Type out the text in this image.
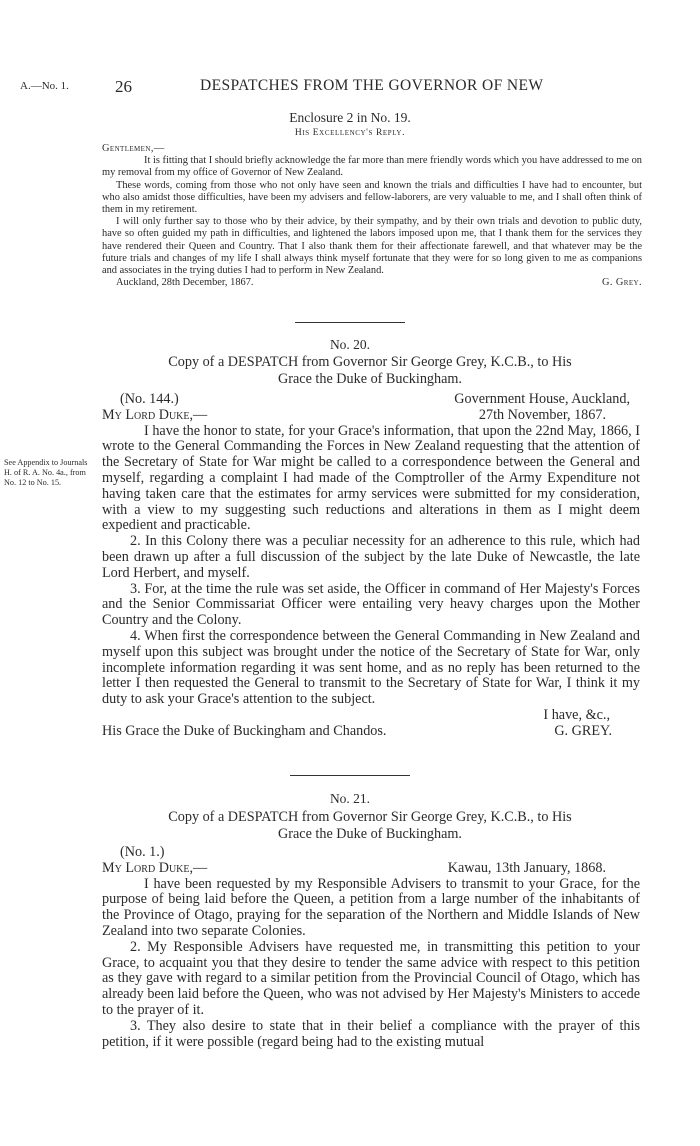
A.—No. 1.	26	DESPATCHES FROM THE GOVERNOR OF NEW
Enclosure 2 in No. 19.
His Excellency's Reply.

Gentlemen,—

It is fitting that I should briefly acknowledge the far more than mere friendly words which you have addressed to me on my removal from my office of Governor of New Zealand.

These words, coming from those who not only have seen and known the trials and difficulties I have had to encounter, but who also amidst those difficulties, have been my advisers and fellow-laborers, are very valuable to me, and I shall often think of them in my retirement.

I will only further say to those who by their advice, by their sympathy, and by their own trials and devotion to public duty, have so often guided my path in difficulties, and lightened the labors imposed upon me, that I thank them for the services they have rendered their Queen and Country. That I also thank them for their affectionate farewell, and that whatever may be the future trials and changes of my life I shall always think myself fortunate that they were for so long given to me as companions and associates in the trying duties I had to perform in New Zealand.

Auckland, 28th December, 1867.	G. Grey.
No. 20.
Copy of a DESPATCH from Governor Sir George Grey, K.C.B., to His
Grace the Duke of Buckingham.
(No. 144.)	Government House, Auckland,
My Lord Duke,—	27th November, 1867.

I have the honor to state, for your Grace's information, that upon the 22nd May, 1866, I wrote to the General Commanding the Forces in New Zealand requesting that the attention of the Secretary of State for War might be called to a correspondence between the General and myself, regarding a complaint I had made of the Comptroller of the Army Expenditure not having taken care that the estimates for army services were submitted for my consideration, with a view to my suggesting such reductions and alterations in them as I might deem expedient and practicable.

2. In this Colony there was a peculiar necessity for an adherence to this rule, which had been drawn up after a full discussion of the subject by the late Duke of Newcastle, the late Lord Herbert, and myself.

3. For, at the time the rule was set aside, the Officer in command of Her Majesty's Forces and the Senior Commissariat Officer were entailing very heavy charges upon the Mother Country and the Colony.

4. When first the correspondence between the General Commanding in New Zealand and myself upon this subject was brought under the notice of the Secretary of State for War, only incomplete information regarding it was sent home, and as no reply has been returned to the letter I then requested the General to transmit to the Secretary of State for War, I think it my duty to ask your Grace's attention to the subject.

I have, &c.,
His Grace the Duke of Buckingham and Chandos.	G. GREY.
See Appendix to Journals H. of R. A. No. 4a., from No. 12 to No. 15.
No. 21.
Copy of a DESPATCH from Governor Sir George Grey, K.C.B., to His
Grace the Duke of Buckingham.
(No. 1.)
My Lord Duke,—	Kawau, 13th January, 1868.

I have been requested by my Responsible Advisers to transmit to your Grace, for the purpose of being laid before the Queen, a petition from a large number of the inhabitants of the Province of Otago, praying for the separation of the Northern and Middle Islands of New Zealand into two separate Colonies.

2. My Responsible Advisers have requested me, in transmitting this petition to your Grace, to acquaint you that they desire to tender the same advice with respect to this petition as they gave with regard to a similar petition from the Provincial Council of Otago, which has already been laid before the Queen, who was not advised by Her Majesty's Ministers to accede to the prayer of it.

3. They also desire to state that in their belief a compliance with the prayer of this petition, if it were possible (regard being had to the existing mutual
